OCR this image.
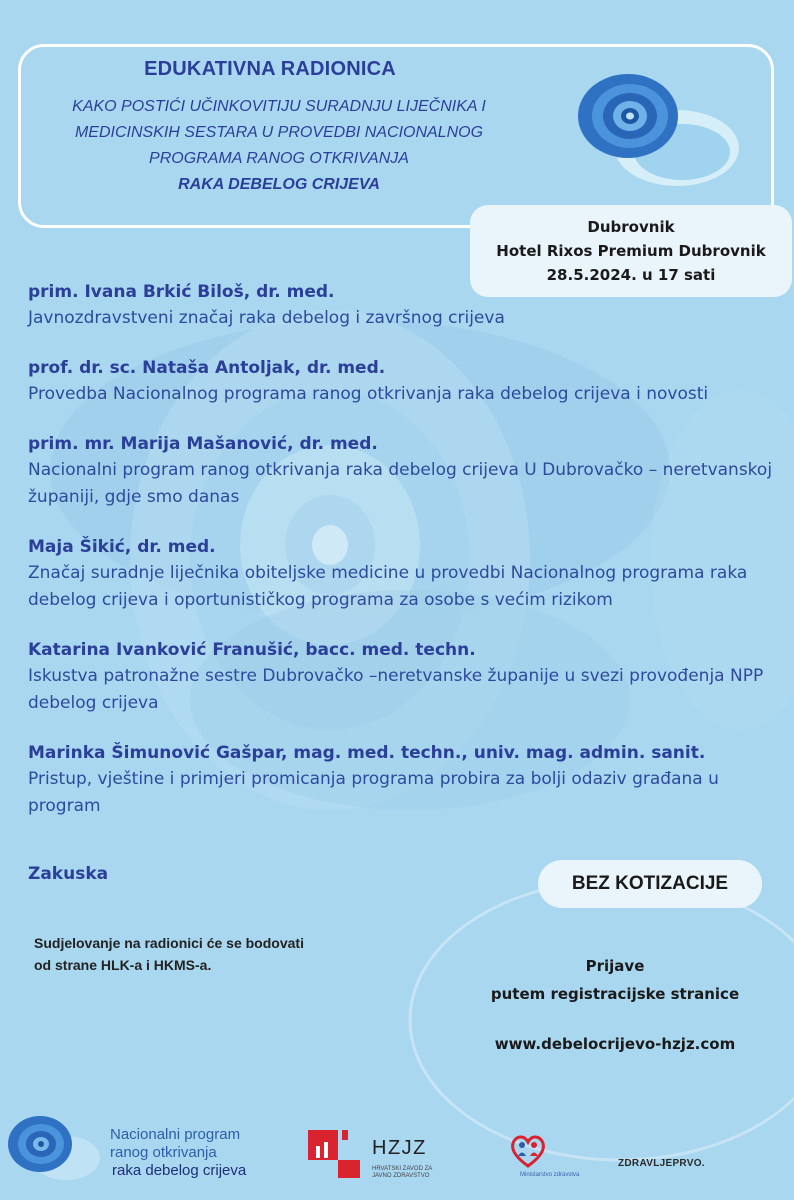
EDUKATIVNA RADIONICA
KAKO POSTIĆI UČINKOVITIJU SURADNJU LIJEČNIKA I
MEDICINSKIH SESTARA U PROVEDBI NACIONALNOG
PROGRAMA RANOG OTKRIVANJA
RAKA DEBELOG CRIJEVA
Dubrovnik
Hotel Rixos Premium Dubrovnik
28.5.2024. u 17 sati
prim. Ivana Brkić Biloš, dr. med.
Javnozdravstveni značaj raka debelog i završnog crijeva
prof. dr. sc. Nataša Antoljak, dr. med.
Provedba Nacionalnog programa ranog otkrivanja raka debelog crijeva i novosti
prim. mr. Marija Mašanović, dr. med.
Nacionalni program ranog otkrivanja raka debelog crijeva U Dubrovačko – neretvanskoj županiji, gdje smo danas
Maja Šikić, dr. med.
Značaj suradnje liječnika obiteljske medicine u provedbi Nacionalnog programa raka debelog crijeva i oportunističkog programa za osobe s većim rizikom
Katarina Ivanković Franušić, bacc. med. techn.
Iskustva patronažne sestre Dubrovačko –neretvanske županije u svezi provođenja NPP debelog crijeva
Marinka Šimunović Gašpar, mag. med. techn., univ. mag. admin. sanit.
Pristup, vještine i primjeri promicanja programa probira za bolji odaziv građana u program
Zakuska	BEZ KOTIZACIJE
Sudjelovanje na radionici će se bodovati
od strane HLK-a i HKMS-a.	Prijave
putem registracijske stranice
www.debelocrijevo-hzjz.com
Nacionalni program
ranog otkrivanja
raka debelog crijeva
HZJZ
HRVATSKI ZAVOD ZA JAVNO ZDRAVSTVO	Ministarstvo zdravstva
ZDRAVLJEPRVO.
